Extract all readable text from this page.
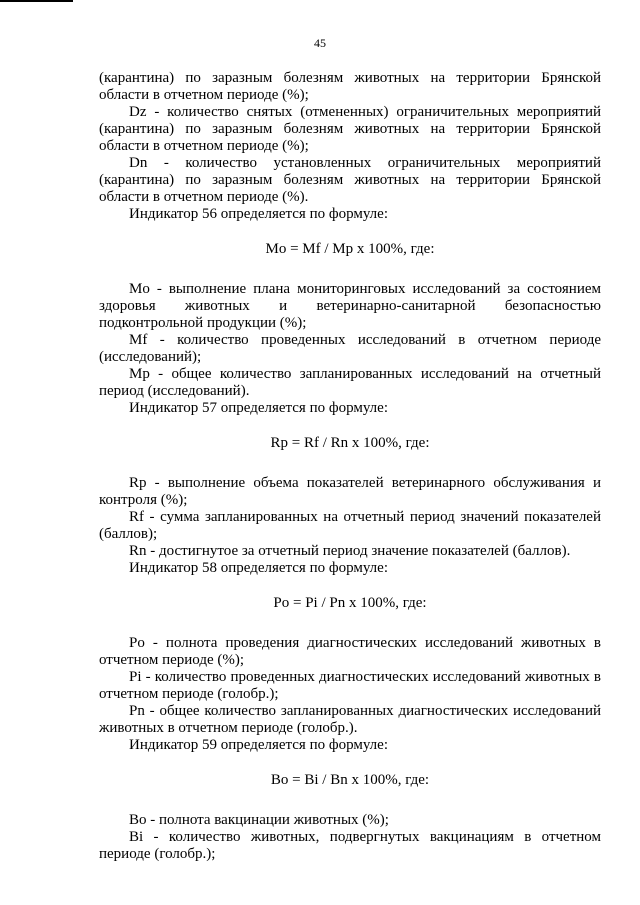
45

(карантина) по заразным болезням животных на территории Брянской области в отчетном периоде (%);

Dz - количество снятых (отмененных) ограничительных мероприятий (карантина) по заразным болезням животных на территории Брянской области в отчетном периоде (%);

Dn - количество установленных ограничительных мероприятий (карантина) по заразным болезням животных на территории Брянской области в отчетном периоде (%).

Индикатор 56 определяется по формуле:

Mo = Mf / Mp x 100%, где:

Mo - выполнение плана мониторинговых исследований за состоянием здоровья животных и ветеринарно-санитарной безопасностью подконтрольной продукции (%);

Mf - количество проведенных исследований в отчетном периоде (исследований);

Mp - общее количество запланированных исследований на отчетный период (исследований).

Индикатор 57 определяется по формуле:

Rp = Rf / Rn x 100%, где:

Rp - выполнение объема показателей ветеринарного обслуживания и контроля (%);

Rf - сумма запланированных на отчетный период значений показателей (баллов);

Rn - достигнутое за отчетный период значение показателей (баллов).

Индикатор 58 определяется по формуле:

Po = Pi / Pn x 100%, где:

Po - полнота проведения диагностических исследований животных в отчетном периоде (%);

Pi - количество проведенных диагностических исследований животных в отчетном периоде (голобр.);

Pn - общее количество запланированных диагностических исследований животных в отчетном периоде (голобр.).

Индикатор 59 определяется по формуле:

Bo = Bi / Bn x 100%, где:

Bo - полнота вакцинации животных (%);

Bi - количество животных, подвергнутых вакцинациям в отчетном периоде (голобр.);
